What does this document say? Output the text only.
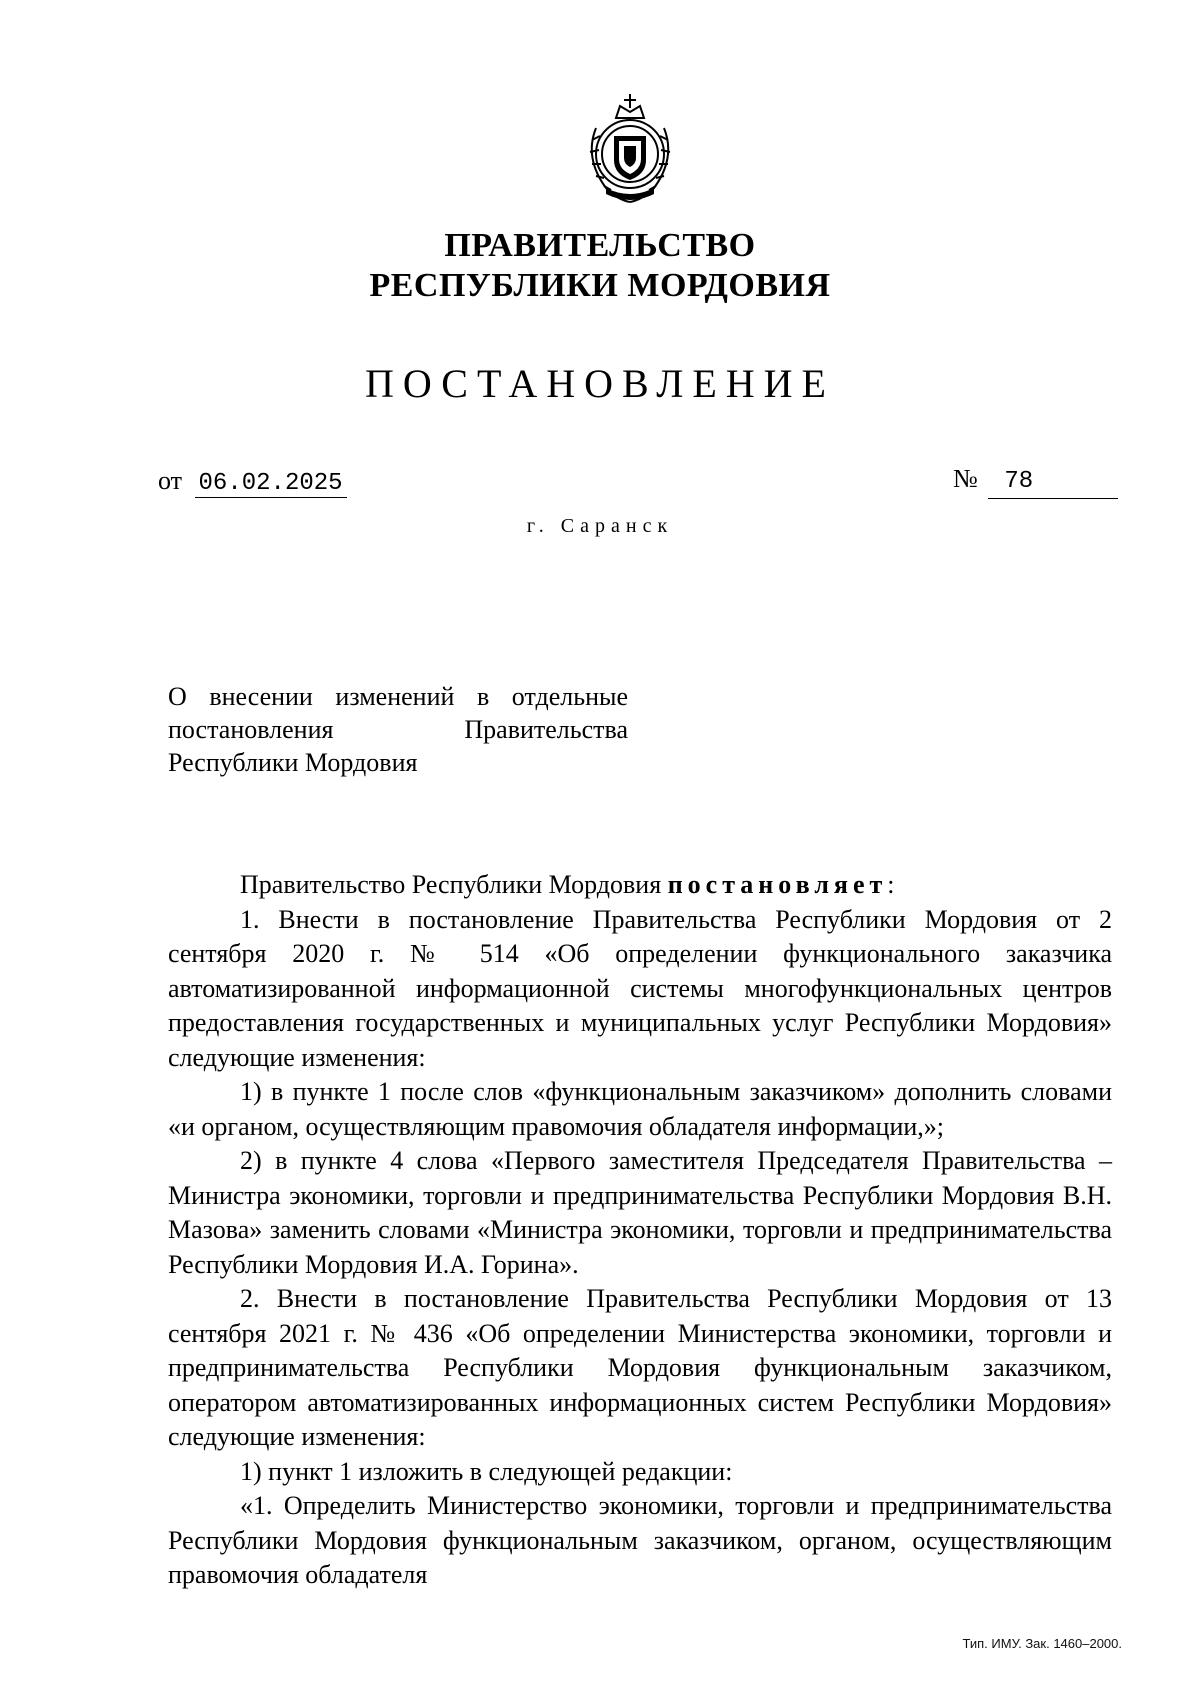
ПРАВИТЕЛЬСТВО
РЕСПУБЛИКИ МОРДОВИЯ
ПОСТАНОВЛЕНИЕ
от 06.02.2025	№ 78
г. Саранск
О внесении изменений в отдельные
постановления Правительства
Республики Мордовия

Правительство Республики Мордовия постановляет:

1. Внести в постановление Правительства Республики Мордовия от 2 сентября 2020 г. № 514 «Об определении функционального заказчика автоматизированной информационной системы многофункциональных центров предоставления государственных и муниципальных услуг Республики Мордовия» следующие изменения:

1) в пункте 1 после слов «функциональным заказчиком» дополнить словами «и органом, осуществляющим правомочия обладателя информации,»;

2) в пункте 4 слова «Первого заместителя Председателя Правительства – Министра экономики, торговли и предпринимательства Республики Мордовия В.Н. Мазова» заменить словами «Министра экономики, торговли и предпринимательства Республики Мордовия И.А. Горина».

2. Внести в постановление Правительства Республики Мордовия от 13 сентября 2021 г. № 436 «Об определении Министерства экономики, торговли и предпринимательства Республики Мордовия функциональным заказчиком, оператором автоматизированных информационных систем Республики Мордовия» следующие изменения:

1) пункт 1 изложить в следующей редакции:

«1. Определить Министерство экономики, торговли и предпринимательства Республики Мордовия функциональным заказчиком, органом, осуществляющим правомочия обладателя

Тип. ИМУ. Зак. 1460–2000.
